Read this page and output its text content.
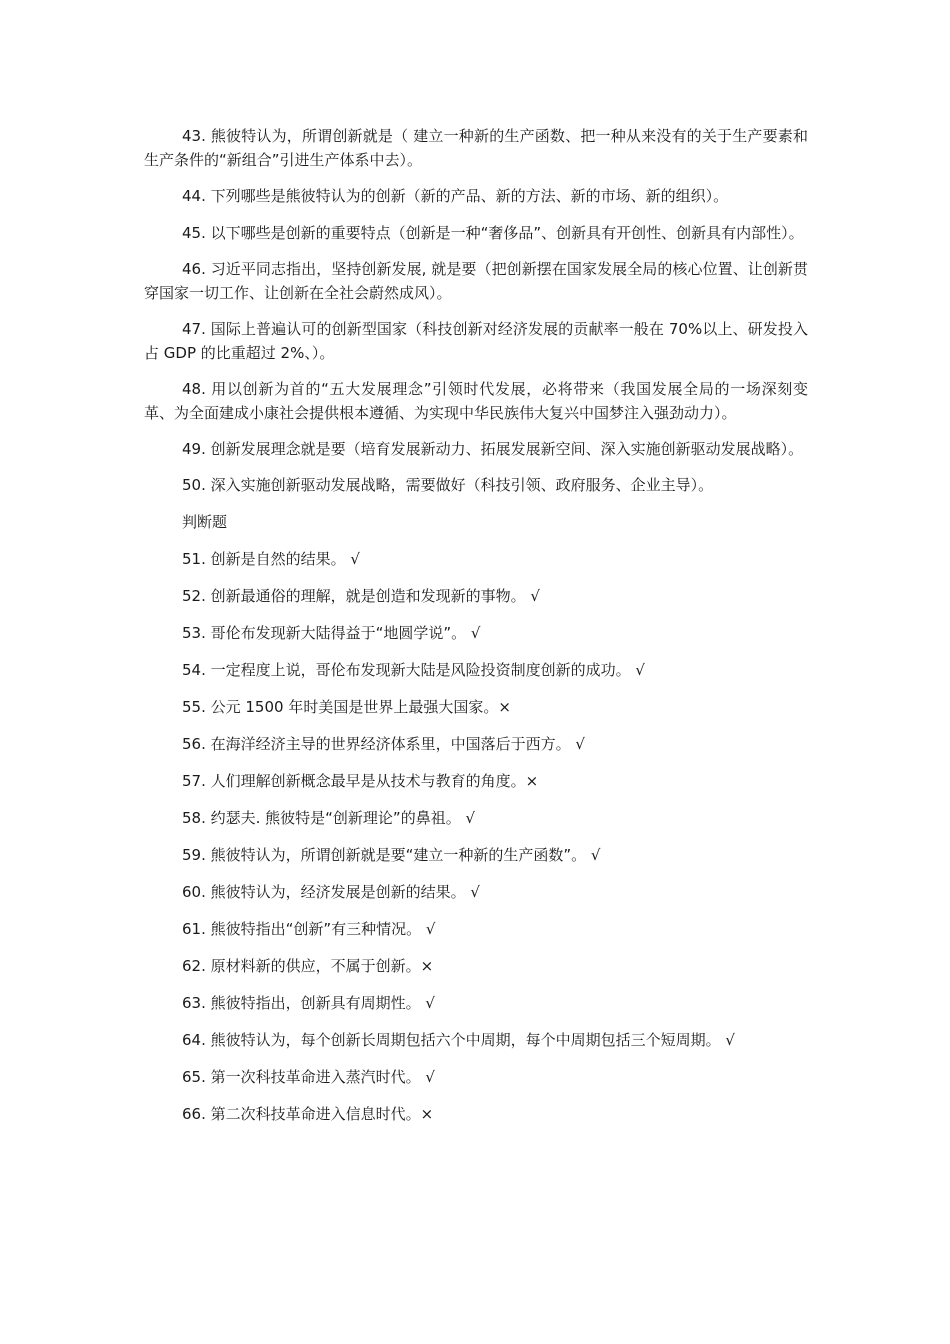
43. 熊彼特认为，所谓创新就是（ 建立一种新的生产函数、把一种从来没有的关于生产要素和生产条件的“新组合”引进生产体系中去）。

44. 下列哪些是熊彼特认为的创新（新的产品、新的方法、新的市场、新的组织）。

45. 以下哪些是创新的重要特点（创新是一种“奢侈品”、创新具有开创性、创新具有内部性）。

46. 习近平同志指出，坚持创新发展, 就是要（把创新摆在国家发展全局的核心位置、让创新贯穿国家一切工作、让创新在全社会蔚然成风）。

47. 国际上普遍认可的创新型国家（科技创新对经济发展的贡献率一般在 70%以上、研发投入占 GDP 的比重超过 2%、）。

48. 用以创新为首的“五大发展理念”引领时代发展，必将带来（我国发展全局的一场深刻变革、为全面建成小康社会提供根本遵循、为实现中华民族伟大复兴中国梦注入强劲动力）。

49. 创新发展理念就是要（培育发展新动力、拓展发展新空间、深入实施创新驱动发展战略）。

50. 深入实施创新驱动发展战略，需要做好（科技引领、政府服务、企业主导）。

判断题

51. 创新是自然的结果。 √

52. 创新最通俗的理解，就是创造和发现新的事物。 √

53. 哥伦布发现新大陆得益于“地圆学说”。 √

54. 一定程度上说，哥伦布发现新大陆是风险投资制度创新的成功。 √

55. 公元 1500 年时美国是世界上最强大国家。×

56. 在海洋经济主导的世界经济体系里，中国落后于西方。 √

57. 人们理解创新概念最早是从技术与教育的角度。×

58. 约瑟夫. 熊彼特是“创新理论”的鼻祖。 √

59. 熊彼特认为，所谓创新就是要“建立一种新的生产函数”。 √

60. 熊彼特认为，经济发展是创新的结果。 √

61. 熊彼特指出“创新”有三种情况。 √

62. 原材料新的供应，不属于创新。×

63. 熊彼特指出，创新具有周期性。 √

64. 熊彼特认为，每个创新长周期包括六个中周期，每个中周期包括三个短周期。 √

65. 第一次科技革命进入蒸汽时代。 √

66. 第二次科技革命进入信息时代。×
